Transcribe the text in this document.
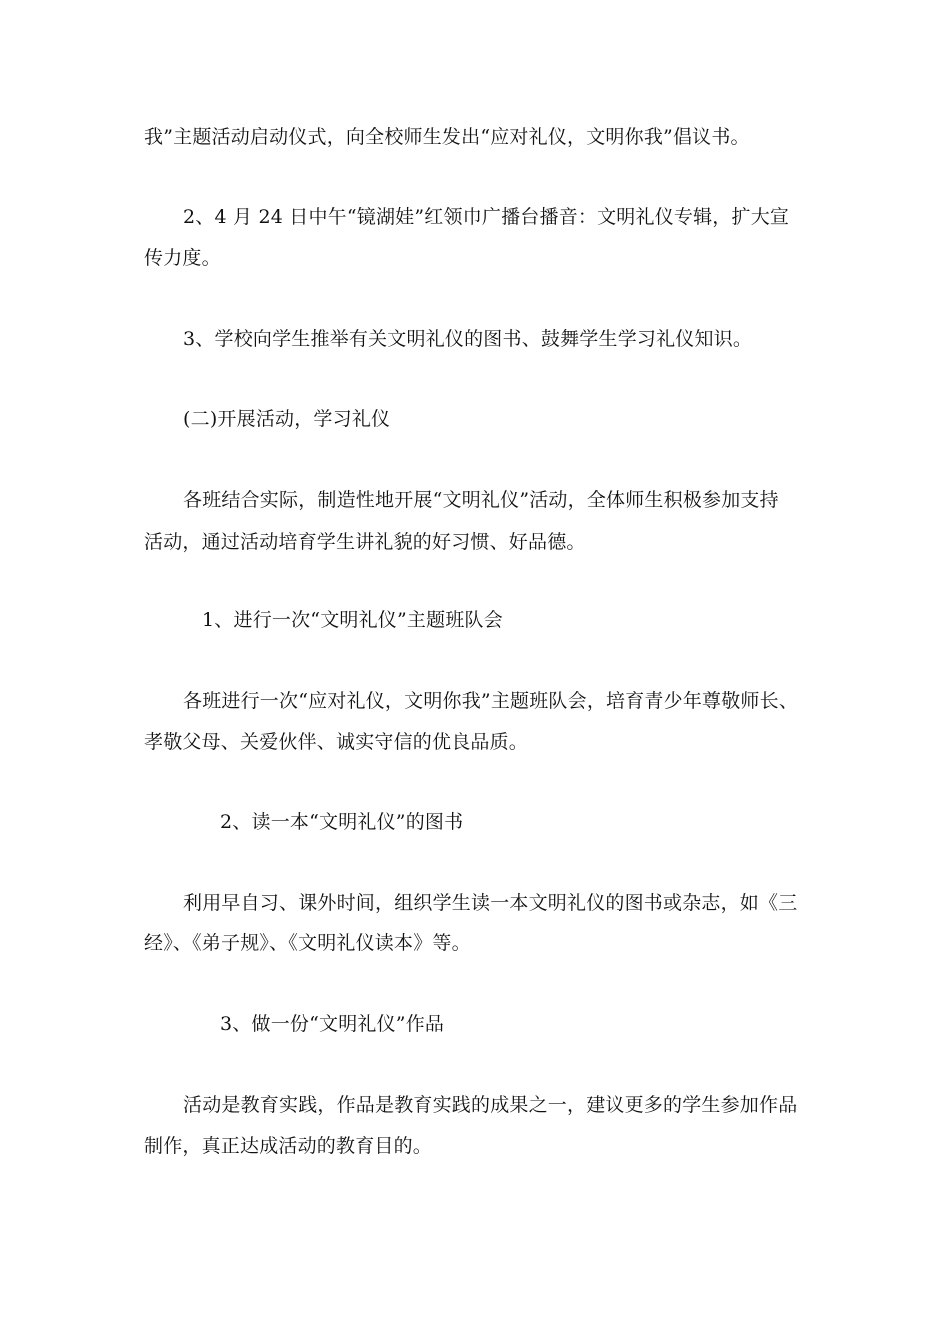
我”主题活动启动仪式，向全校师生发出“应对礼仪，文明你我”倡议书。
2、4 月 24 日中午“镜湖娃”红领巾广播台播音：文明礼仪专辑，扩大宣
传力度。
3、学校向学生推举有关文明礼仪的图书、鼓舞学生学习礼仪知识。
(二)开展活动，学习礼仪
各班结合实际，制造性地开展“文明礼仪”活动，全体师生积极参加支持
活动，通过活动培育学生讲礼貌的好习惯、好品德。
1、进行一次“文明礼仪”主题班队会
各班进行一次“应对礼仪，文明你我”主题班队会，培育青少年尊敬师长、
孝敬父母、关爱伙伴、诚实守信的优良品质。
2、读一本“文明礼仪”的图书
利用早自习、课外时间，组织学生读一本文明礼仪的图书或杂志，如《三
经》、《弟子规》、《文明礼仪读本》等。
3、做一份“文明礼仪”作品
活动是教育实践，作品是教育实践的成果之一，建议更多的学生参加作品
制作，真正达成活动的教育目的。
